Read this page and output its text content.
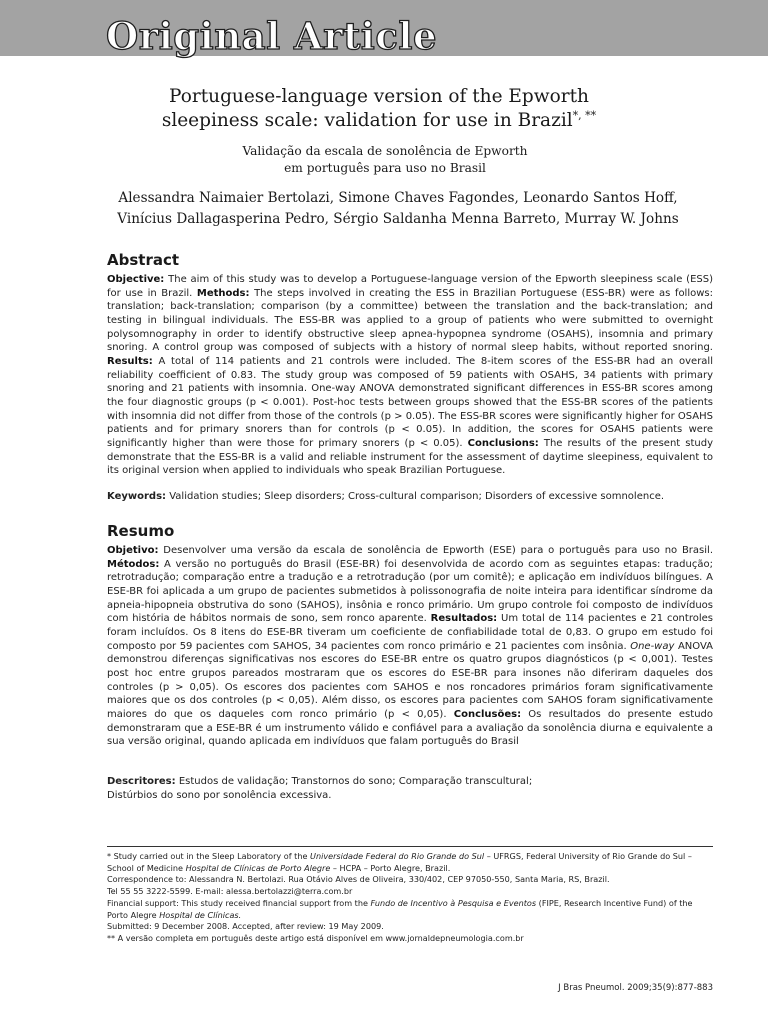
Original Article
Portuguese-language version of the Epworth
sleepiness scale: validation for use in Brazil*, **
Validação da escala de sonolência de Epworth
em português para uso no Brasil
Alessandra Naimaier Bertolazi, Simone Chaves Fagondes, Leonardo Santos Hoff,
Vinícius Dallagasperina Pedro, Sérgio Saldanha Menna Barreto, Murray W. Johns
Abstract
Objective: The aim of this study was to develop a Portuguese-language version of the Epworth sleepiness scale (ESS) for use in Brazil. Methods: The steps involved in creating the ESS in Brazilian Portuguese (ESS-BR) were as follows: translation; back-translation; comparison (by a committee) between the translation and the back-translation; and testing in bilingual individuals. The ESS-BR was applied to a group of patients who were submitted to overnight polysomnography in order to identify obstructive sleep apnea-hypopnea syndrome (OSAHS), insomnia and primary snoring. A control group was composed of subjects with a history of normal sleep habits, without reported snoring. Results: A total of 114 patients and 21 controls were included. The 8-item scores of the ESS-BR had an overall reliability coefficient of 0.83. The study group was composed of 59 patients with OSAHS, 34 patients with primary snoring and 21 patients with insomnia. One-way ANOVA demonstrated significant differences in ESS-BR scores among the four diagnostic groups (p < 0.001). Post-hoc tests between groups showed that the ESS-BR scores of the patients with insomnia did not differ from those of the controls (p > 0.05). The ESS-BR scores were significantly higher for OSAHS patients and for primary snorers than for controls (p < 0.05). In addition, the scores for OSAHS patients were significantly higher than were those for primary snorers (p < 0.05). Conclusions: The results of the present study demonstrate that the ESS-BR is a valid and reliable instrument for the assessment of daytime sleepiness, equivalent to its original version when applied to individuals who speak Brazilian Portuguese.
Keywords: Validation studies; Sleep disorders; Cross-cultural comparison; Disorders of excessive somnolence.
Resumo
Objetivo: Desenvolver uma versão da escala de sonolência de Epworth (ESE) para o português para uso no Brasil. Métodos: A versão no português do Brasil (ESE-BR) foi desenvolvida de acordo com as seguintes etapas: tradução; retrotradução; comparação entre a tradução e a retrotradução (por um comitê); e aplicação em indivíduos bilíngues. A ESE-BR foi aplicada a um grupo de pacientes submetidos à polissonografia de noite inteira para identificar síndrome da apneia-hipopneia obstrutiva do sono (SAHOS), insônia e ronco primário. Um grupo controle foi composto de indivíduos com história de hábitos normais de sono, sem ronco aparente. Resultados: Um total de 114 pacientes e 21 controles foram incluídos. Os 8 itens do ESE-BR tiveram um coeficiente de confiabilidade total de 0,83. O grupo em estudo foi composto por 59 pacientes com SAHOS, 34 pacientes com ronco primário e 21 pacientes com insônia. One-way ANOVA demonstrou diferenças significativas nos escores do ESE-BR entre os quatro grupos diagnósticos (p < 0,001). Testes post hoc entre grupos pareados mostraram que os escores do ESE-BR para insones não diferiram daqueles dos controles (p > 0,05). Os escores dos pacientes com SAHOS e nos roncadores primários foram significativamente maiores que os dos controles (p < 0,05). Além disso, os escores para pacientes com SAHOS foram significativamente maiores do que os daqueles com ronco primário (p < 0,05). Conclusões: Os resultados do presente estudo demonstraram que a ESE-BR é um instrumento válido e confiável para a avaliação da sonolência diurna e equivalente a sua versão original, quando aplicada em indivíduos que falam português do Brasil
Descritores: Estudos de validação; Transtornos do sono; Comparação transcultural;
Distúrbios do sono por sonolência excessiva.
* Study carried out in the Sleep Laboratory of the Universidade Federal do Rio Grande do Sul – UFRGS, Federal University of Rio Grande do Sul – School of Medicine Hospital de Clínicas de Porto Alegre – HCPA – Porto Alegre, Brazil.
Correspondence to: Alessandra N. Bertolazi. Rua Otávio Alves de Oliveira, 330/402, CEP 97050-550, Santa Maria, RS, Brazil.
Tel 55 55 3222-5599. E-mail: alessa.bertolazzi@terra.com.br
Financial support: This study received financial support from the Fundo de Incentivo à Pesquisa e Eventos (FIPE, Research Incentive Fund) of the Porto Alegre Hospital de Clínicas.
Submitted: 9 December 2008. Accepted, after review: 19 May 2009.
** A versão completa em português deste artigo está disponível em www.jornaldepneumologia.com.br
J Bras Pneumol. 2009;35(9):877-883
